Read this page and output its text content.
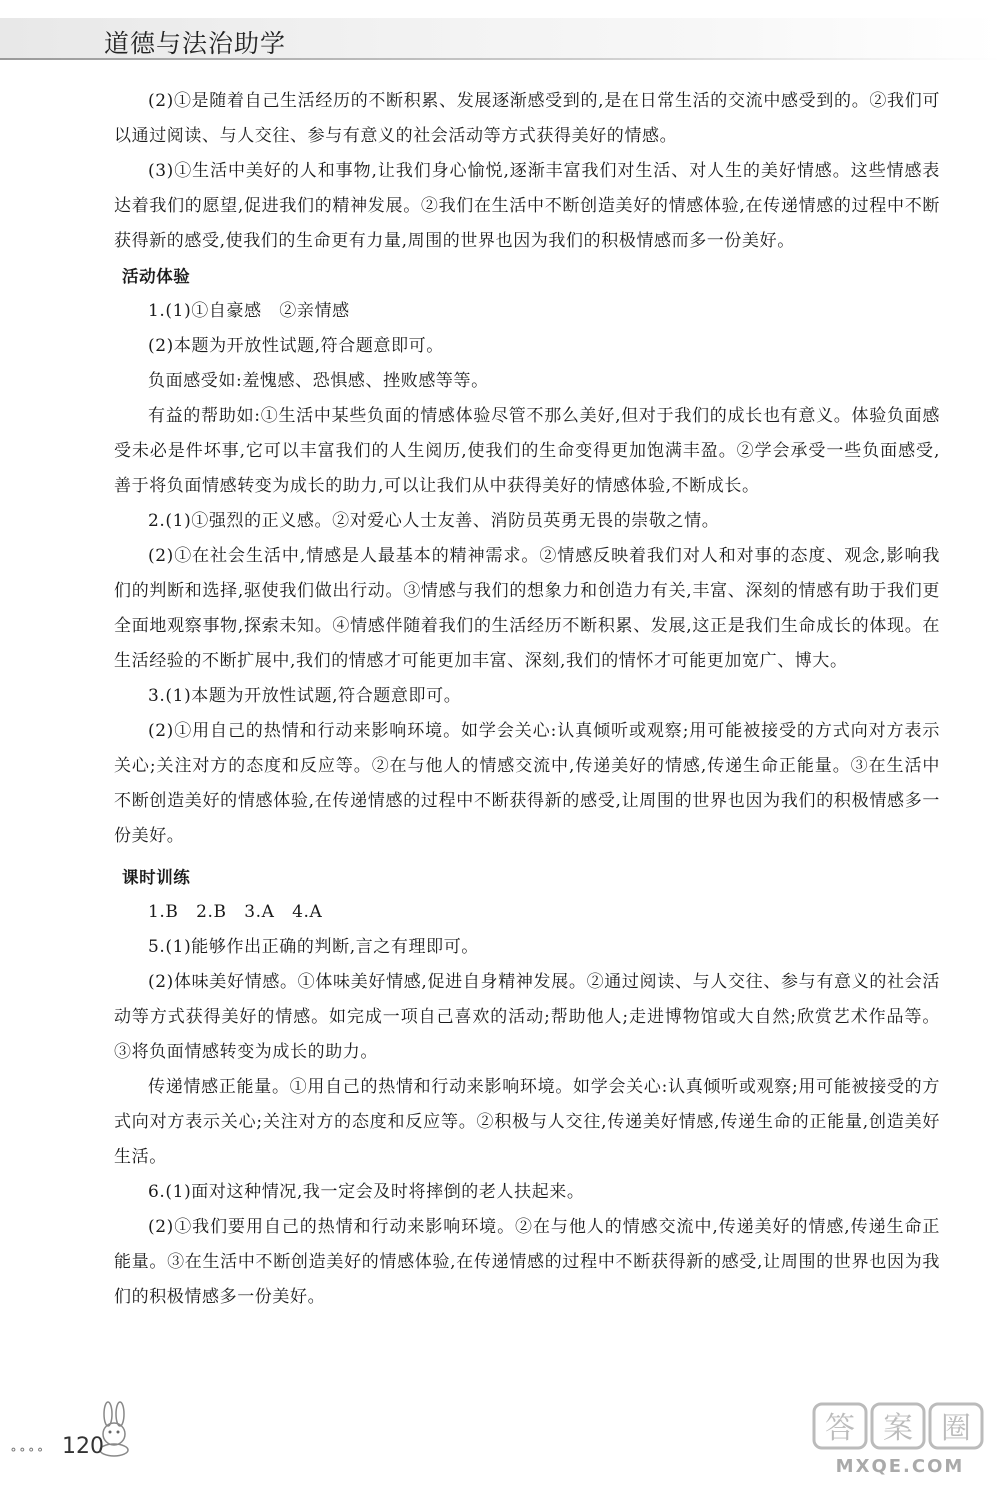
道德与法治助学

(2)①是随着自己生活经历的不断积累、发展逐渐感受到的,是在日常生活的交流中感受到的。②我们可以通过阅读、与人交往、参与有意义的社会活动等方式获得美好的情感。

(3)①生活中美好的人和事物,让我们身心愉悦,逐渐丰富我们对生活、对人生的美好情感。这些情感表达着我们的愿望,促进我们的精神发展。②我们在生活中不断创造美好的情感体验,在传递情感的过程中不断获得新的感受,使我们的生命更有力量,周围的世界也因为我们的积极情感而多一份美好。

活动体验

1.(1)①自豪感　②亲情感

(2)本题为开放性试题,符合题意即可。

负面感受如:羞愧感、恐惧感、挫败感等等。

有益的帮助如:①生活中某些负面的情感体验尽管不那么美好,但对于我们的成长也有意义。体验负面感受未必是件坏事,它可以丰富我们的人生阅历,使我们的生命变得更加饱满丰盈。②学会承受一些负面感受,善于将负面情感转变为成长的助力,可以让我们从中获得美好的情感体验,不断成长。

2.(1)①强烈的正义感。②对爱心人士友善、消防员英勇无畏的崇敬之情。

(2)①在社会生活中,情感是人最基本的精神需求。②情感反映着我们对人和对事的态度、观念,影响我们的判断和选择,驱使我们做出行动。③情感与我们的想象力和创造力有关,丰富、深刻的情感有助于我们更全面地观察事物,探索未知。④情感伴随着我们的生活经历不断积累、发展,这正是我们生命成长的体现。在生活经验的不断扩展中,我们的情感才可能更加丰富、深刻,我们的情怀才可能更加宽广、博大。

3.(1)本题为开放性试题,符合题意即可。

(2)①用自己的热情和行动来影响环境。如学会关心:认真倾听或观察;用可能被接受的方式向对方表示关心;关注对方的态度和反应等。②在与他人的情感交流中,传递美好的情感,传递生命正能量。③在生活中不断创造美好的情感体验,在传递情感的过程中不断获得新的感受,让周围的世界也因为我们的积极情感多一份美好。

课时训练

1.B　2.B　3.A　4.A

5.(1)能够作出正确的判断,言之有理即可。

(2)体味美好情感。①体味美好情感,促进自身精神发展。②通过阅读、与人交往、参与有意义的社会活动等方式获得美好的情感。如完成一项自己喜欢的活动;帮助他人;走进博物馆或大自然;欣赏艺术作品等。③将负面情感转变为成长的助力。

传递情感正能量。①用自己的热情和行动来影响环境。如学会关心:认真倾听或观察;用可能被接受的方式向对方表示关心;关注对方的态度和反应等。②积极与人交往,传递美好情感,传递生命的正能量,创造美好生活。

6.(1)面对这种情况,我一定会及时将摔倒的老人扶起来。

(2)①我们要用自己的热情和行动来影响环境。②在与他人的情感交流中,传递美好的情感,传递生命正能量。③在生活中不断创造美好的情感体验,在传递情感的过程中不断获得新的感受,让周围的世界也因为我们的积极情感多一份美好。

∘∘∘∘ 120
答 案 圈
MXQE.COM
